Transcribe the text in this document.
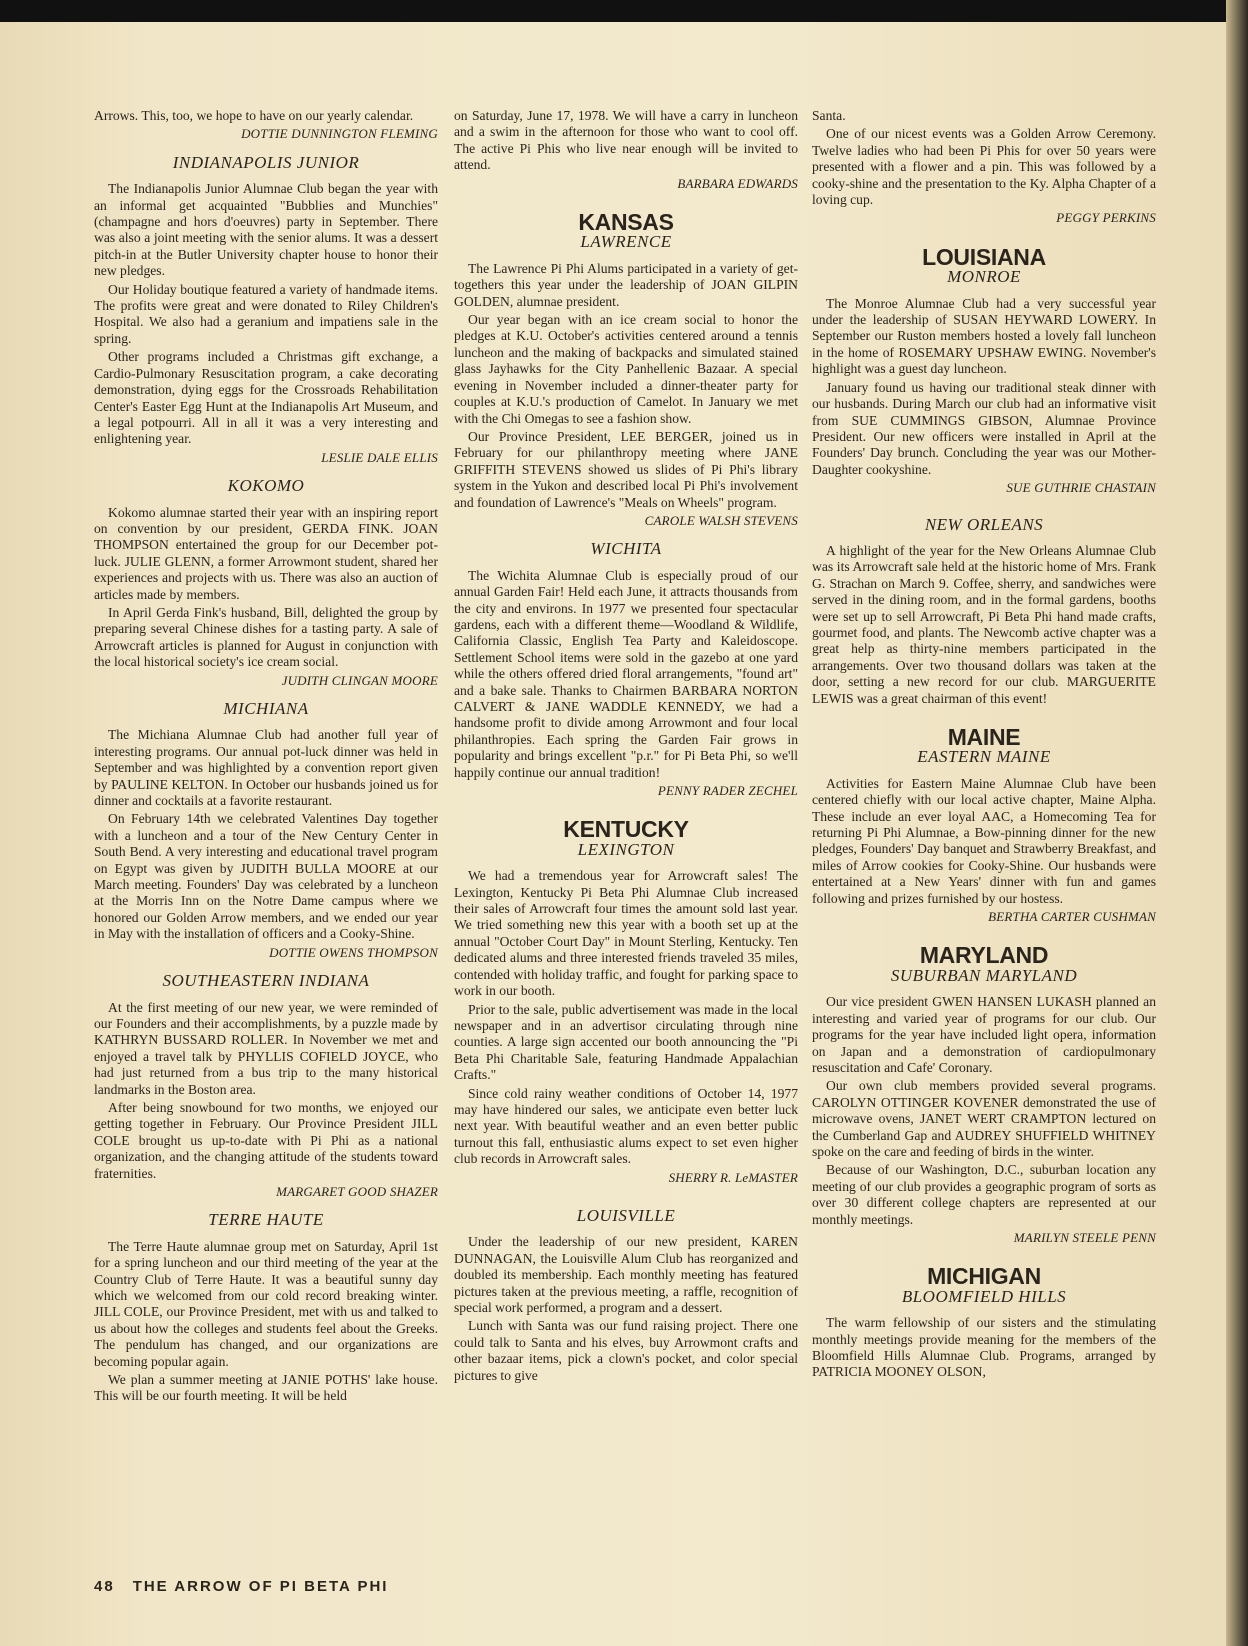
Arrows. This, too, we hope to have on our yearly calendar.

DOTTIE DUNNINGTON FLEMING
INDIANAPOLIS JUNIOR

The Indianapolis Junior Alumnae Club began the year with an informal get acquainted "Bubblies and Munchies" (champagne and hors d'oeuvres) party in September. There was also a joint meeting with the senior alums. It was a dessert pitch-in at the Butler University chapter house to honor their new pledges.

Our Holiday boutique featured a variety of handmade items. The profits were great and were donated to Riley Children's Hospital. We also had a geranium and impatiens sale in the spring.

Other programs included a Christmas gift exchange, a Cardio-Pulmonary Resuscitation program, a cake decorating demonstration, dying eggs for the Crossroads Rehabilitation Center's Easter Egg Hunt at the Indianapolis Art Museum, and a legal potpourri. All in all it was a very interesting and enlightening year.

LESLIE DALE ELLIS
KOKOMO

Kokomo alumnae started their year with an inspiring report on convention by our president, GERDA FINK. JOAN THOMPSON entertained the group for our December pot-luck. JULIE GLENN, a former Arrowmont student, shared her experiences and projects with us. There was also an auction of articles made by members.

In April Gerda Fink's husband, Bill, delighted the group by preparing several Chinese dishes for a tasting party. A sale of Arrowcraft articles is planned for August in conjunction with the local historical society's ice cream social.

JUDITH CLINGAN MOORE
MICHIANA

The Michiana Alumnae Club had another full year of interesting programs. Our annual pot-luck dinner was held in September and was highlighted by a convention report given by PAULINE KELTON. In October our husbands joined us for dinner and cocktails at a favorite restaurant.

On February 14th we celebrated Valentines Day together with a luncheon and a tour of the New Century Center in South Bend. A very interesting and educational travel program on Egypt was given by JUDITH BULLA MOORE at our March meeting. Founders' Day was celebrated by a luncheon at the Morris Inn on the Notre Dame campus where we honored our Golden Arrow members, and we ended our year in May with the installation of officers and a Cooky-Shine.

DOTTIE OWENS THOMPSON
SOUTHEASTERN INDIANA

At the first meeting of our new year, we were reminded of our Founders and their accomplishments, by a puzzle made by KATHRYN BUSSARD ROLLER. In November we met and enjoyed a travel talk by PHYLLIS COFIELD JOYCE, who had just returned from a bus trip to the many historical landmarks in the Boston area.

After being snowbound for two months, we enjoyed our getting together in February. Our Province President JILL COLE brought us up-to-date with Pi Phi as a national organization, and the changing attitude of the students toward fraternities.

MARGARET GOOD SHAZER
TERRE HAUTE

The Terre Haute alumnae group met on Saturday, April 1st for a spring luncheon and our third meeting of the year at the Country Club of Terre Haute. It was a beautiful sunny day which we welcomed from our cold record breaking winter. JILL COLE, our Province President, met with us and talked to us about how the colleges and students feel about the Greeks. The pendulum has changed, and our organizations are becoming popular again.

We plan a summer meeting at JANIE POTHS' lake house. This will be our fourth meeting. It will be held

on Saturday, June 17, 1978. We will have a carry in luncheon and a swim in the afternoon for those who want to cool off. The active Pi Phis who live near enough will be invited to attend.

BARBARA EDWARDS
KANSAS
LAWRENCE

The Lawrence Pi Phi Alums participated in a variety of get-togethers this year under the leadership of JOAN GILPIN GOLDEN, alumnae president.

Our year began with an ice cream social to honor the pledges at K.U. October's activities centered around a tennis luncheon and the making of backpacks and simulated stained glass Jayhawks for the City Panhellenic Bazaar. A special evening in November included a dinner-theater party for couples at K.U.'s production of Camelot. In January we met with the Chi Omegas to see a fashion show.

Our Province President, LEE BERGER, joined us in February for our philanthropy meeting where JANE GRIFFITH STEVENS showed us slides of Pi Phi's library system in the Yukon and described local Pi Phi's involvement and foundation of Lawrence's "Meals on Wheels" program.

CAROLE WALSH STEVENS
WICHITA

The Wichita Alumnae Club is especially proud of our annual Garden Fair! Held each June, it attracts thousands from the city and environs. In 1977 we presented four spectacular gardens, each with a different theme—Woodland & Wildlife, California Classic, English Tea Party and Kaleidoscope. Settlement School items were sold in the gazebo at one yard while the others offered dried floral arrangements, "found art" and a bake sale. Thanks to Chairmen BARBARA NORTON CALVERT & JANE WADDLE KENNEDY, we had a handsome profit to divide among Arrowmont and four local philanthropies. Each spring the Garden Fair grows in popularity and brings excellent "p.r." for Pi Beta Phi, so we'll happily continue our annual tradition!

PENNY RADER ZECHEL
KENTUCKY
LEXINGTON

We had a tremendous year for Arrowcraft sales! The Lexington, Kentucky Pi Beta Phi Alumnae Club increased their sales of Arrowcraft four times the amount sold last year. We tried something new this year with a booth set up at the annual "October Court Day" in Mount Sterling, Kentucky. Ten dedicated alums and three interested friends traveled 35 miles, contended with holiday traffic, and fought for parking space to work in our booth.

Prior to the sale, public advertisement was made in the local newspaper and in an advertisor circulating through nine counties. A large sign accented our booth announcing the "Pi Beta Phi Charitable Sale, featuring Handmade Appalachian Crafts."

Since cold rainy weather conditions of October 14, 1977 may have hindered our sales, we anticipate even better luck next year. With beautiful weather and an even better public turnout this fall, enthusiastic alums expect to set even higher club records in Arrowcraft sales.

SHERRY R. LeMASTER
LOUISVILLE

Under the leadership of our new president, KAREN DUNNAGAN, the Louisville Alum Club has reorganized and doubled its membership. Each monthly meeting has featured pictures taken at the previous meeting, a raffle, recognition of special work performed, a program and a dessert.

Lunch with Santa was our fund raising project. There one could talk to Santa and his elves, buy Arrowmont crafts and other bazaar items, pick a clown's pocket, and color special pictures to give

Santa.

One of our nicest events was a Golden Arrow Ceremony. Twelve ladies who had been Pi Phis for over 50 years were presented with a flower and a pin. This was followed by a cooky-shine and the presentation to the Ky. Alpha Chapter of a loving cup.

PEGGY PERKINS
LOUISIANA
MONROE

The Monroe Alumnae Club had a very successful year under the leadership of SUSAN HEYWARD LOWERY. In September our Ruston members hosted a lovely fall luncheon in the home of ROSEMARY UPSHAW EWING. November's highlight was a guest day luncheon.

January found us having our traditional steak dinner with our husbands. During March our club had an informative visit from SUE CUMMINGS GIBSON, Alumnae Province President. Our new officers were installed in April at the Founders' Day brunch. Concluding the year was our Mother-Daughter cookyshine.

SUE GUTHRIE CHASTAIN
NEW ORLEANS

A highlight of the year for the New Orleans Alumnae Club was its Arrowcraft sale held at the historic home of Mrs. Frank G. Strachan on March 9. Coffee, sherry, and sandwiches were served in the dining room, and in the formal gardens, booths were set up to sell Arrowcraft, Pi Beta Phi hand made crafts, gourmet food, and plants. The Newcomb active chapter was a great help as thirty-nine members participated in the arrangements. Over two thousand dollars was taken at the door, setting a new record for our club. MARGUERITE LEWIS was a great chairman of this event!

MAINE
EASTERN MAINE

Activities for Eastern Maine Alumnae Club have been centered chiefly with our local active chapter, Maine Alpha. These include an ever loyal AAC, a Homecoming Tea for returning Pi Phi Alumnae, a Bow-pinning dinner for the new pledges, Founders' Day banquet and Strawberry Breakfast, and miles of Arrow cookies for Cooky-Shine. Our husbands were entertained at a New Years' dinner with fun and games following and prizes furnished by our hostess.

BERTHA CARTER CUSHMAN
MARYLAND
SUBURBAN MARYLAND

Our vice president GWEN HANSEN LUKASH planned an interesting and varied year of programs for our club. Our programs for the year have included light opera, information on Japan and a demonstration of cardiopulmonary resuscitation and Cafe' Coronary.

Our own club members provided several programs. CAROLYN OTTINGER KOVENER demonstrated the use of microwave ovens, JANET WERT CRAMPTON lectured on the Cumberland Gap and AUDREY SHUFFIELD WHITNEY spoke on the care and feeding of birds in the winter.

Because of our Washington, D.C., suburban location any meeting of our club provides a geographic program of sorts as over 30 different college chapters are represented at our monthly meetings.

MARILYN STEELE PENN
MICHIGAN
BLOOMFIELD HILLS

The warm fellowship of our sisters and the stimulating monthly meetings provide meaning for the members of the Bloomfield Hills Alumnae Club. Programs, arranged by PATRICIA MOONEY OLSON,

48 THE ARROW OF PI BETA PHI
